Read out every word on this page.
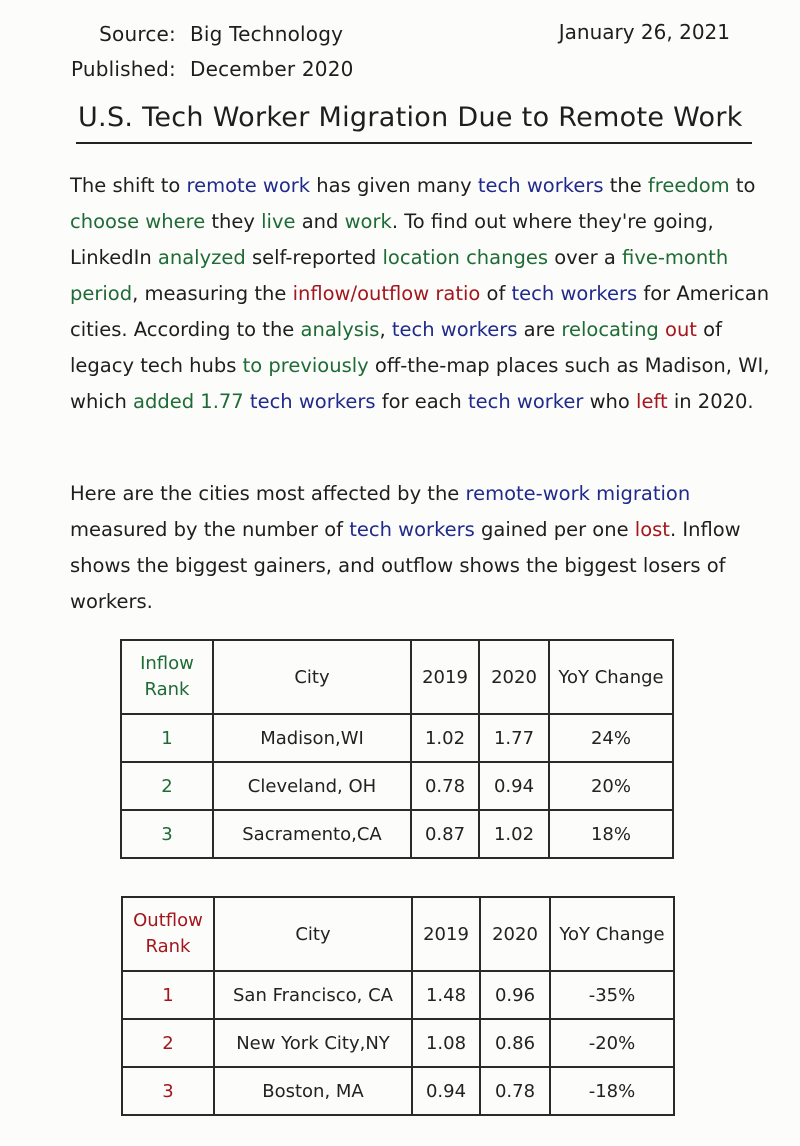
Source: Big Technology
Published: December 2020
January 26, 2021
U.S. Tech Worker Migration Due to Remote Work

The shift to remote work has given many tech workers the freedom to choose where they live and work. To find out where they're going, LinkedIn analyzed self-reported location changes over a five-month period, measuring the inflow/outflow ratio of tech workers for American cities. According to the analysis, tech workers are relocating out of legacy tech hubs to previously off-the-map places such as Madison, WI, which added 1.77 tech workers for each tech worker who left in 2020.

Here are the cities most affected by the remote-work migration measured by the number of tech workers gained per one lost. Inflow shows the biggest gainers, and outflow shows the biggest losers of workers.

Inflow
Rank	City	2019	2020	YoY Change
1	Madison,WI	1.02	1.77	24%
2	Cleveland, OH	0.78	0.94	20%
3	Sacramento,CA	0.87	1.02	18%
Outflow
Rank	City	2019	2020	YoY Change
1	San Francisco, CA	1.48	0.96	-35%
2	New York City,NY	1.08	0.86	-20%
3	Boston, MA	0.94	0.78	-18%
